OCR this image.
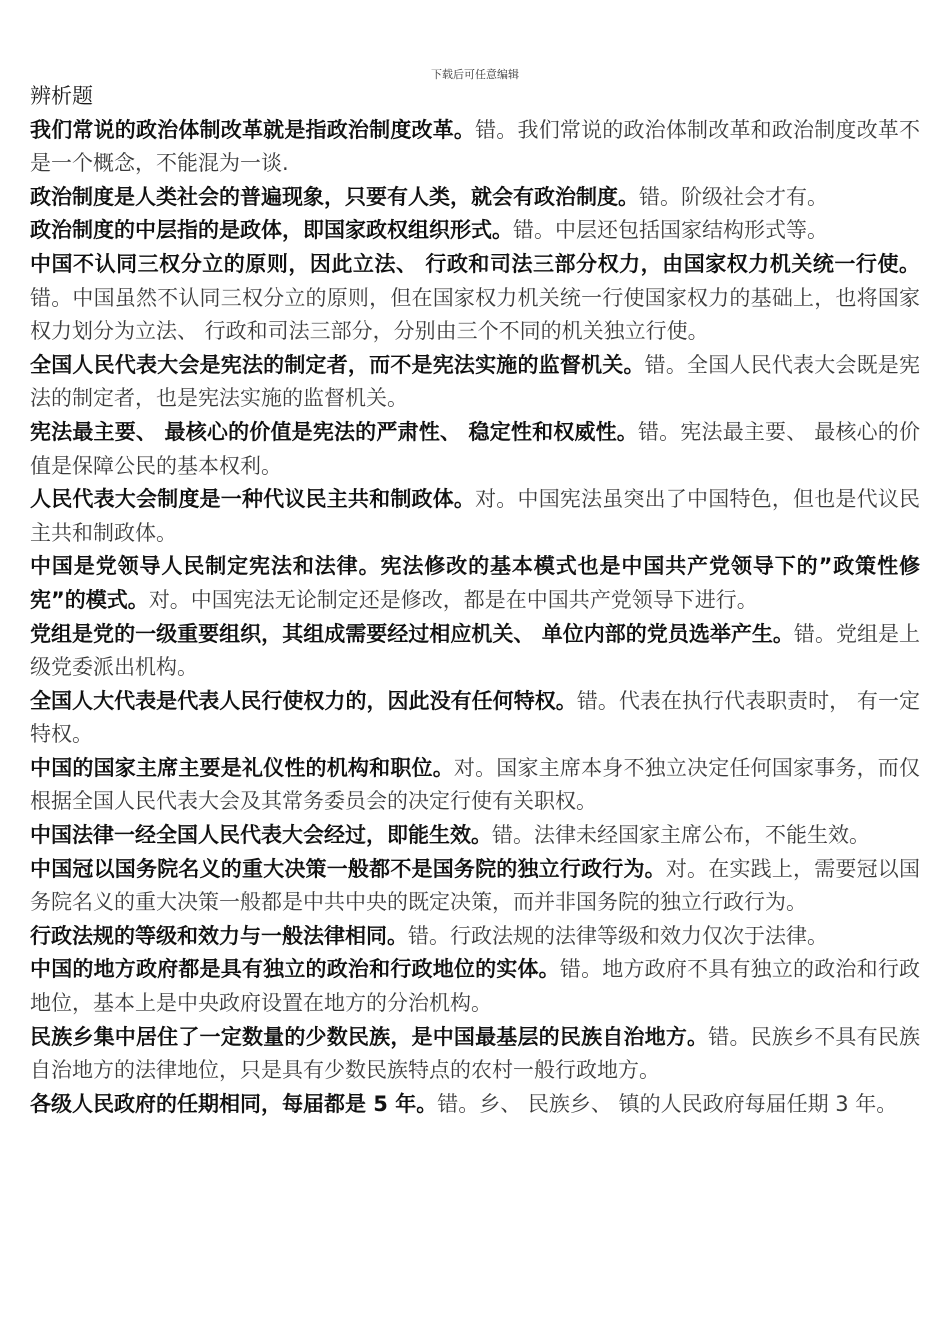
下载后可任意编辑
辨析题
我们常说的政治体制改革就是指政治制度改革。错。我们常说的政治体制改革和政治制度改革不是一个概念，不能混为一谈.
政治制度是人类社会的普遍现象，只要有人类，就会有政治制度。错。阶级社会才有。
政治制度的中层指的是政体，即国家政权组织形式。错。中层还包括国家结构形式等。
中国不认同三权分立的原则，因此立法、 行政和司法三部分权力，由国家权力机关统一行使。错。中国虽然不认同三权分立的原则，但在国家权力机关统一行使国家权力的基础上，也将国家权力划分为立法、 行政和司法三部分，分别由三个不同的机关独立行使。
全国人民代表大会是宪法的制定者，而不是宪法实施的监督机关。错。全国人民代表大会既是宪法的制定者，也是宪法实施的监督机关。
宪法最主要、 最核心的价值是宪法的严肃性、 稳定性和权威性。错。宪法最主要、 最核心的价值是保障公民的基本权利。
人民代表大会制度是一种代议民主共和制政体。对。中国宪法虽突出了中国特色，但也是代议民主共和制政体。
中国是党领导人民制定宪法和法律。宪法修改的基本模式也是中国共产党领导下的”政策性修宪”的模式。对。中国宪法无论制定还是修改，都是在中国共产党领导下进行。
党组是党的一级重要组织，其组成需要经过相应机关、 单位内部的党员选举产生。错。党组是上级党委派出机构。
全国人大代表是代表人民行使权力的，因此没有任何特权。错。代表在执行代表职责时， 有一定特权。
中国的国家主席主要是礼仪性的机构和职位。对。国家主席本身不独立决定任何国家事务，而仅根据全国人民代表大会及其常务委员会的决定行使有关职权。
中国法律一经全国人民代表大会经过，即能生效。错。法律未经国家主席公布，不能生效。
中国冠以国务院名义的重大决策一般都不是国务院的独立行政行为。对。在实践上，需要冠以国务院名义的重大决策一般都是中共中央的既定决策，而并非国务院的独立行政行为。
行政法规的等级和效力与一般法律相同。错。行政法规的法律等级和效力仅次于法律。
中国的地方政府都是具有独立的政治和行政地位的实体。错。地方政府不具有独立的政治和行政地位，基本上是中央政府设置在地方的分治机构。
民族乡集中居住了一定数量的少数民族，是中国最基层的民族自治地方。错。民族乡不具有民族自治地方的法律地位，只是具有少数民族特点的农村一般行政地方。
各级人民政府的任期相同，每届都是 5 年。错。乡、 民族乡、 镇的人民政府每届任期 3 年。
